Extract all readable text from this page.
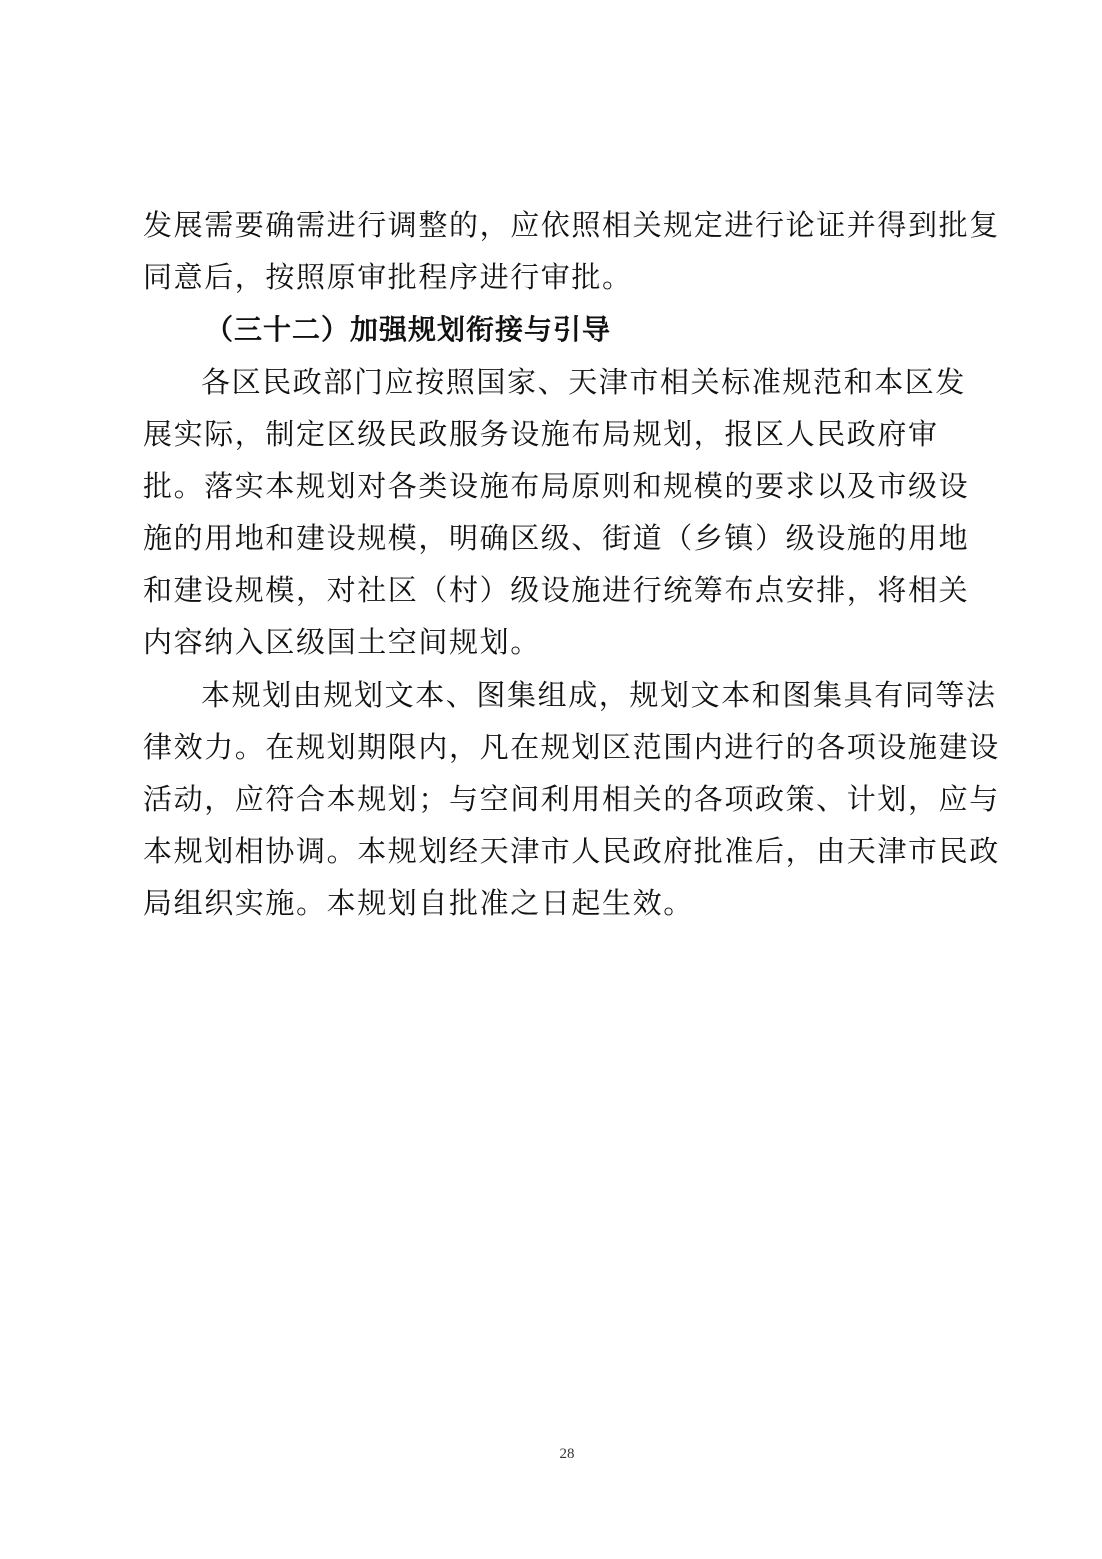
发展需要确需进行调整的，应依照相关规定进行论证并得到批复
同意后，按照原审批程序进行审批。
（三十二）加强规划衔接与引导
各区民政部门应按照国家、天津市相关标准规范和本区发
展实际，制定区级民政服务设施布局规划，报区人民政府审
批。落实本规划对各类设施布局原则和规模的要求以及市级设
施的用地和建设规模，明确区级、街道（乡镇）级设施的用地
和建设规模，对社区（村）级设施进行统筹布点安排，将相关
内容纳入区级国土空间规划。
本规划由规划文本、图集组成，规划文本和图集具有同等法
律效力。在规划期限内，凡在规划区范围内进行的各项设施建设
活动，应符合本规划；与空间利用相关的各项政策、计划，应与
本规划相协调。本规划经天津市人民政府批准后，由天津市民政
局组织实施。本规划自批准之日起生效。
28
